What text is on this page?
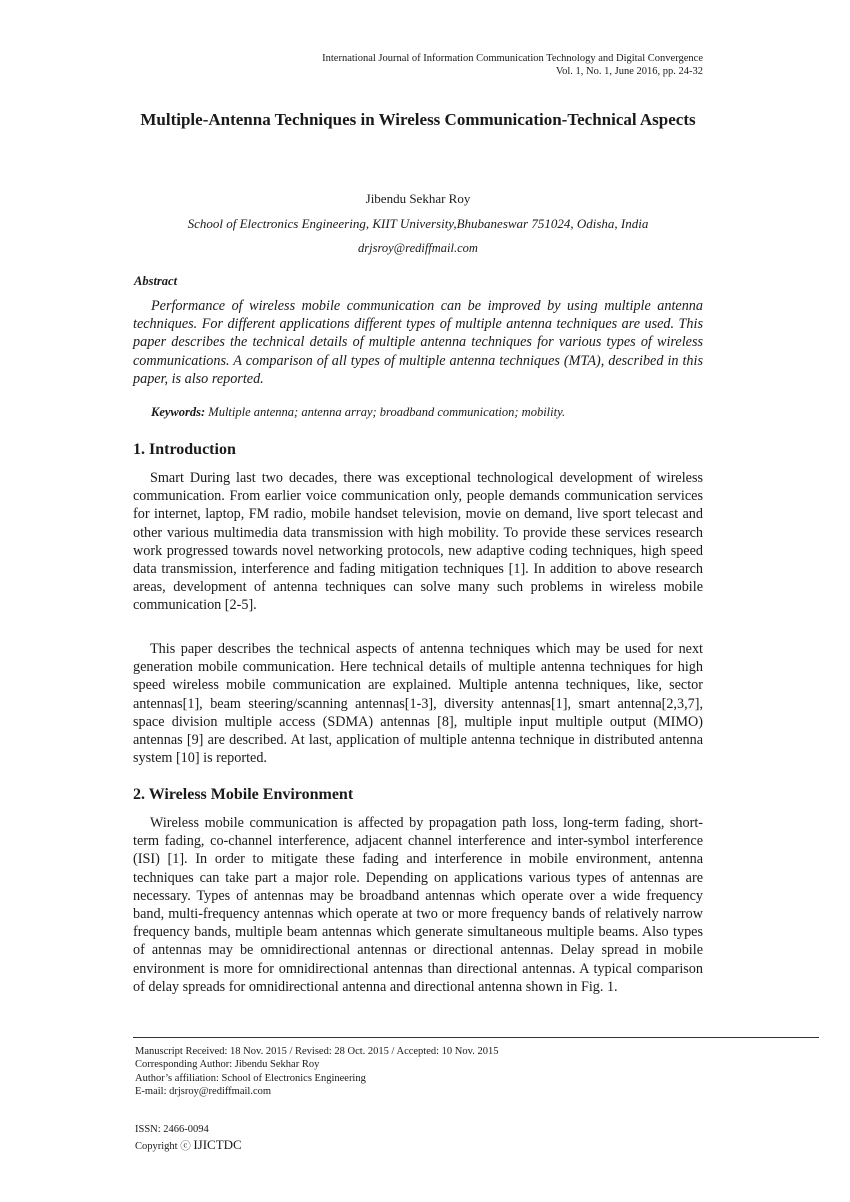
International Journal of Information Communication Technology and Digital Convergence
Vol. 1, No. 1, June 2016, pp. 24-32
Multiple-Antenna Techniques in Wireless Communication-Technical Aspects
Jibendu Sekhar Roy
School of Electronics Engineering, KIIT University,Bhubaneswar 751024, Odisha, India
drjsroy@rediffmail.com
Abstract

Performance of wireless mobile communication can be improved by using multiple antenna techniques. For different applications different types of multiple antenna techniques are used. This paper describes the technical details of multiple antenna techniques for various types of wireless communications. A comparison of all types of multiple antenna techniques (MTA), described in this paper, is also reported.

Keywords: Multiple antenna; antenna array; broadband communication; mobility.
1. Introduction

Smart During last two decades, there was exceptional technological development of wireless communication. From earlier voice communication only, people demands communication services for internet, laptop, FM radio, mobile handset television, movie on demand, live sport telecast and other various multimedia data transmission with high mobility. To provide these services research work progressed towards novel networking protocols, new adaptive coding techniques, high speed data transmission, interference and fading mitigation techniques [1]. In addition to above research areas, development of antenna techniques can solve many such problems in wireless mobile communication [2-5].

This paper describes the technical aspects of antenna techniques which may be used for next generation mobile communication. Here technical details of multiple antenna techniques for high speed wireless mobile communication are explained. Multiple antenna techniques, like, sector antennas[1], beam steering/scanning antennas[1-3], diversity antennas[1], smart antenna[2,3,7], space division multiple access (SDMA) antennas [8], multiple input multiple output (MIMO) antennas [9] are described. At last, application of multiple antenna technique in distributed antenna system [10] is reported.

2. Wireless Mobile Environment

Wireless mobile communication is affected by propagation path loss, long-term fading, short-term fading, co-channel interference, adjacent channel interference and inter-symbol interference (ISI) [1]. In order to mitigate these fading and interference in mobile environment, antenna techniques can take part a major role. Depending on applications various types of antennas are necessary. Types of antennas may be broadband antennas which operate over a wide frequency band, multi-frequency antennas which operate at two or more frequency bands of relatively narrow frequency bands, multiple beam antennas which generate simultaneous multiple beams. Also types of antennas may be omnidirectional antennas or directional antennas. Delay spread in mobile environment is more for omnidirectional antennas than directional antennas. A typical comparison of delay spreads for omnidirectional antenna and directional antenna shown in Fig. 1.

Manuscript Received: 18 Nov. 2015 / Revised: 28 Oct. 2015 / Accepted: 10 Nov. 2015
Corresponding Author: Jibendu Sekhar Roy
Author’s affiliation: School of Electronics Engineering
E-mail: drjsroy@rediffmail.com
ISSN: 2466-0094
Copyright ⓒ IJICTDC
